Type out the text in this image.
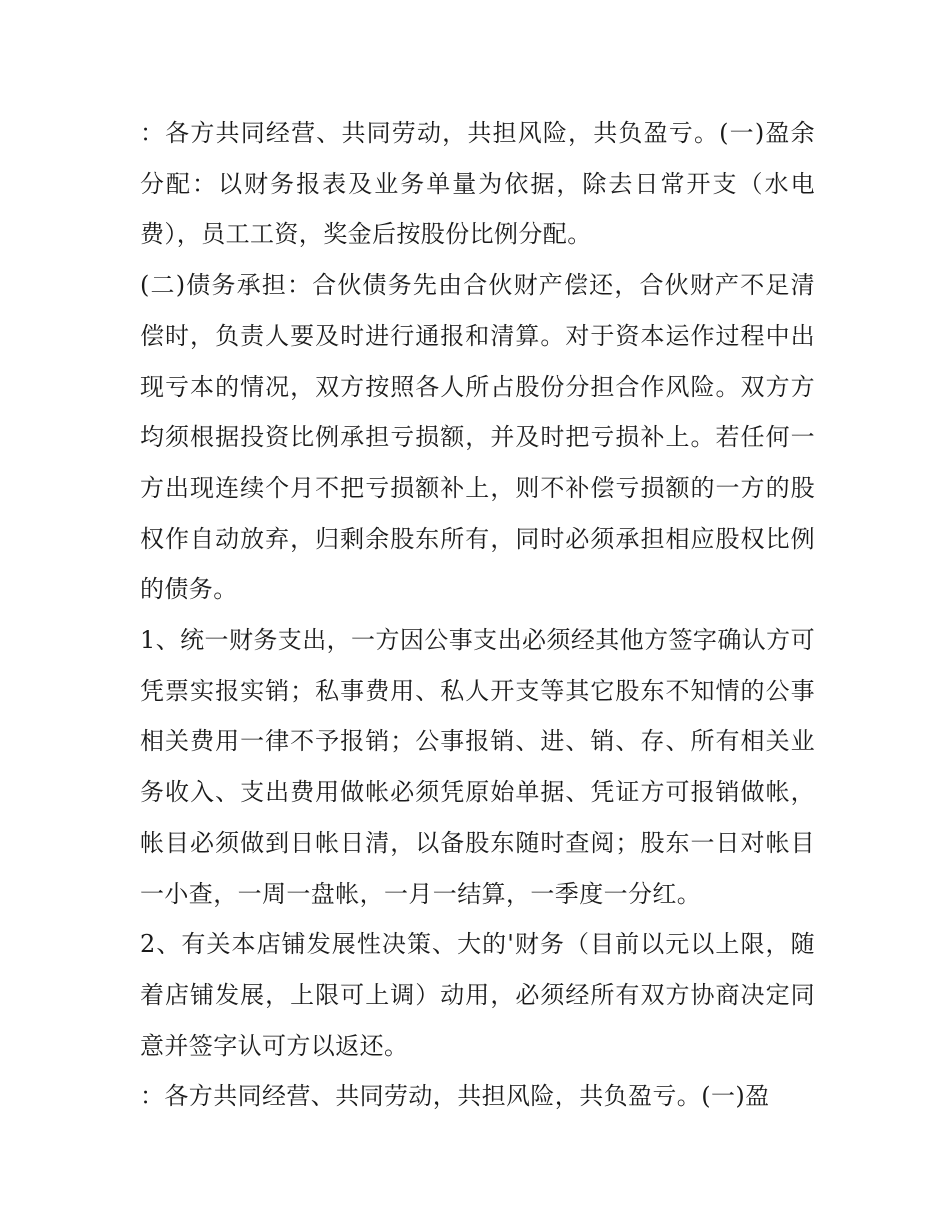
：各方共同经营、共同劳动，共担风险，共负盈亏。(一)盈余分配：以财务报表及业务单量为依据，除去日常开支（水电费），员工工资，奖金后按股份比例分配。

(二)债务承担：合伙债务先由合伙财产偿还，合伙财产不足清偿时，负责人要及时进行通报和清算。对于资本运作过程中出现亏本的情况，双方按照各人所占股份分担合作风险。双方方均须根据投资比例承担亏损额，并及时把亏损补上。若任何一方出现连续个月不把亏损额补上，则不补偿亏损额的一方的股权作自动放弃，归剩余股东所有，同时必须承担相应股权比例的债务。

1、统一财务支出，一方因公事支出必须经其他方签字确认方可凭票实报实销；私事费用、私人开支等其它股东不知情的公事相关费用一律不予报销；公事报销、进、销、存、所有相关业务收入、支出费用做帐必须凭原始单据、凭证方可报销做帐，帐目必须做到日帐日清，以备股东随时查阅；股东一日对帐目一小查，一周一盘帐，一月一结算，一季度一分红。

2、有关本店铺发展性决策、大的'财务（目前以元以上限，随着店铺发展，上限可上调）动用，必须经所有双方协商决定同意并签字认可方以返还。

：各方共同经营、共同劳动，共担风险，共负盈亏。(一)盈
